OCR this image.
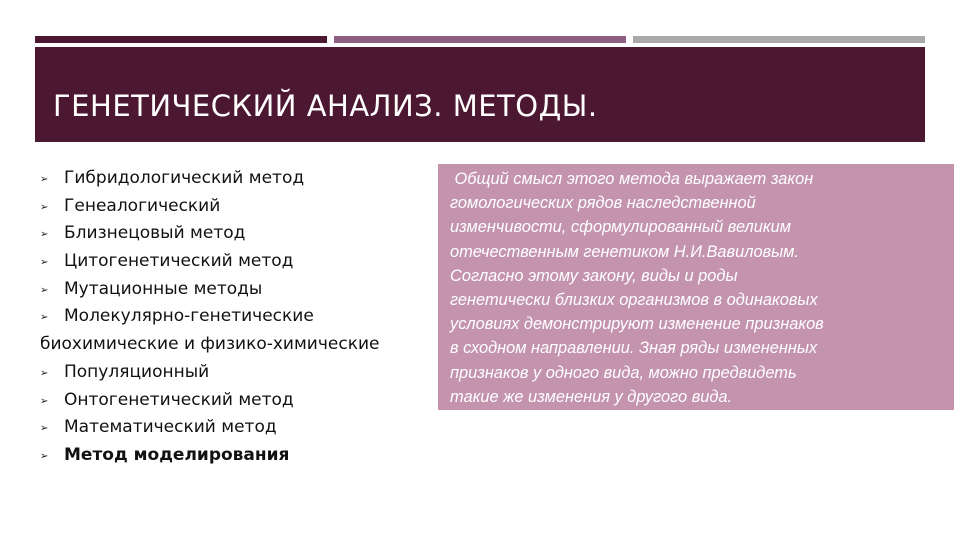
ГЕНЕТИЧЕСКИЙ АНАЛИЗ. МЕТОДЫ.
➢ Гибридологический метод
➢ Генеалогический
➢ Близнецовый метод
➢ Цитогенетический метод
➢ Мутационные методы
➢ Молекулярно-генетические
биохимические и физико-химические
➢ Популяционный
➢ Онтогенетический метод
➢ Математический метод
➢ Метод моделирования

Общий смысл этого метода выражает закон
гомологических рядов наследственной
изменчивости, сформулированный великим
отечественным генетиком Н.И.Вавиловым.
Согласно этому закону, виды и роды
генетически близких организмов в одинаковых
условиях демонстрируют изменение признаков
в сходном направлении. Зная ряды измененных
признаков у одного вида, можно предвидеть
такие же изменения у другого вида.
